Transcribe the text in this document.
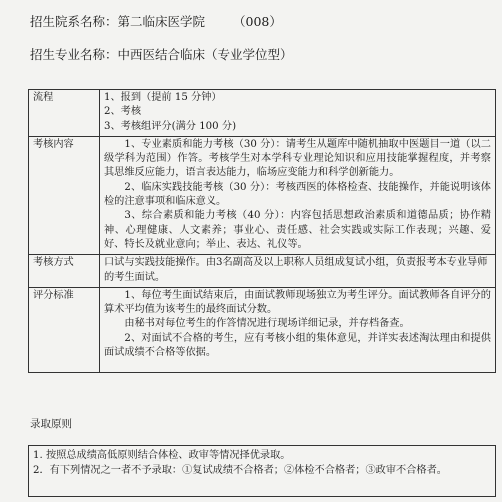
招生院系名称：第二临床医学院 （008）
招生专业名称：中西医结合临床（专业学位型）
流程	1、报到（提前 15 分钟）

2、考核

3、考核组评分(满分 100 分)

考核内容	1、专业素质和能力考核（30 分）：请考生从题库中随机抽取中医题目一道（以二级学科为范围）作答。考核学生对本学科专业理论知识和应用技能掌握程度，并考察其思维反应能力，语言表达能力，临场应变能力和科学创新能力。

2、临床实践技能考核（30 分）：考核西医的体格检查、技能操作，并能说明该体检的注意事项和临床意义。

3、综合素质和能力考核（40 分）：内容包括思想政治素质和道德品质；协作精神、心理健康、人文素养；事业心、责任感、社会实践或实际工作表现；兴趣、爱好、特长及就业意向；举止、表达、礼仪等。

考核方式	口试与实践技能操作。由3名副高及以上职称人员组成复试小组，负责报考本专业导师的考生面试。

评分标准	1、每位考生面试结束后，由面试教师现场独立为考生评分。面试教师各自评分的算术平均值为该考生的最终面试分数。

由秘书对每位考生的作答情况进行现场详细记录，并存档备查。

2、对面试不合格的考生，应有考核小组的集体意见，并详实表述淘汰理由和提供面试成绩不合格等依据。

录取原则

1. 按照总成绩高低原则结合体检、政审等情况择优录取。

2．有下列情况之一者不予录取：①复试成绩不合格者；②体检不合格者；③政审不合格者。
